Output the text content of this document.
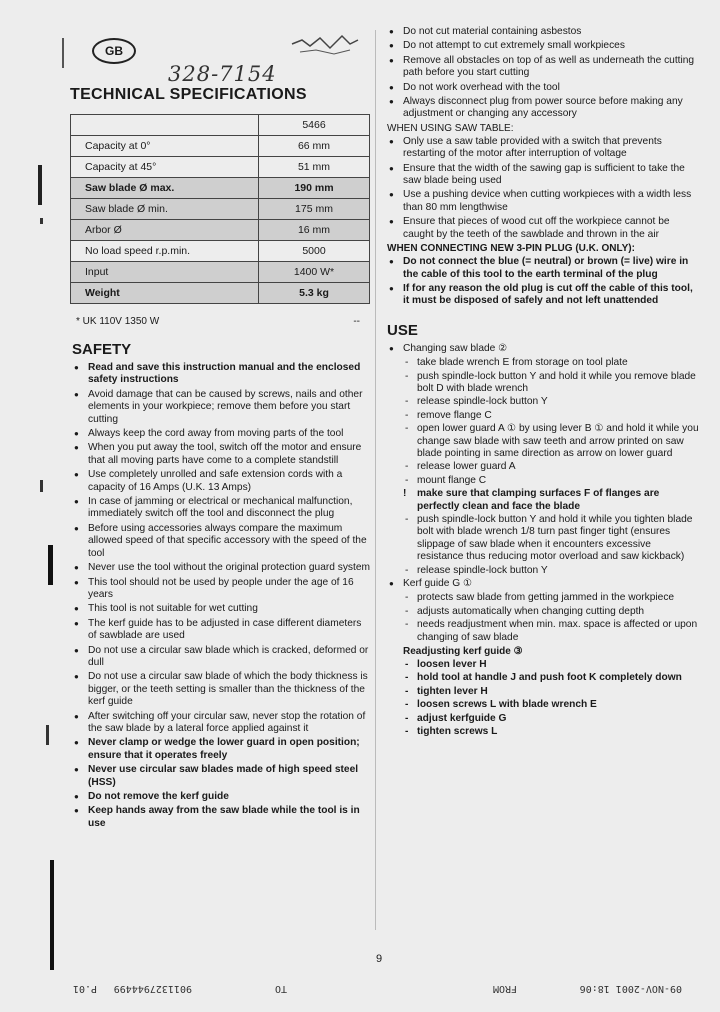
GB
328-7154
TECHNICAL SPECIFICATIONS
	5466
Capacity at 0°	66 mm
Capacity at 45°	51 mm
Saw blade Ø max.	190 mm
Saw blade Ø min.	175 mm
Arbor Ø	16 mm
No load speed r.p.min.	5000
Input	1400 W*
Weight	5.3 kg
* UK 110V 1350 W	--
SAFETY
● Read and save this instruction manual and the enclosed safety instructions
● Avoid damage that can be caused by screws, nails and other elements in your workpiece; remove them before you start cutting
● Always keep the cord away from moving parts of the tool
● When you put away the tool, switch off the motor and ensure that all moving parts have come to a complete standstill
● Use completely unrolled and safe extension cords with a capacity of 16 Amps (U.K. 13 Amps)
● In case of jamming or electrical or mechanical malfunction, immediately switch off the tool and disconnect the plug
● Before using accessories always compare the maximum allowed speed of that specific accessory with the speed of the tool
● Never use the tool without the original protection guard system
● This tool should not be used by people under the age of 16 years
● This tool is not suitable for wet cutting
● The kerf guide has to be adjusted in case different diameters of sawblade are used
● Do not use a circular saw blade which is cracked, deformed or dull
● Do not use a circular saw blade of which the body thickness is bigger, or the teeth setting is smaller than the thickness of the kerf guide
● After switching off your circular saw, never stop the rotation of the saw blade by a lateral force applied against it
● Never clamp or wedge the lower guard in open position; ensure that it operates freely
● Never use circular saw blades made of high speed steel (HSS)
● Do not remove the kerf guide
● Keep hands away from the saw blade while the tool is in use
● Do not cut material containing asbestos
● Do not attempt to cut extremely small workpieces
● Remove all obstacles on top of as well as underneath the cutting path before you start cutting
● Do not work overhead with the tool
● Always disconnect plug from power source before making any adjustment or changing any accessory
WHEN USING SAW TABLE:
● Only use a saw table provided with a switch that prevents restarting of the motor after interruption of voltage
● Ensure that the width of the sawing gap is sufficient to take the saw blade being used
● Use a pushing device when cutting workpieces with a width less than 80 mm lengthwise
● Ensure that pieces of wood cut off the workpiece cannot be caught by the teeth of the sawblade and thrown in the air
WHEN CONNECTING NEW 3-PIN PLUG (U.K. ONLY):
● Do not connect the blue (= neutral) or brown (= live) wire in the cable of this tool to the earth terminal of the plug
● If for any reason the old plug is cut off the cable of this tool, it must be disposed of safely and not left unattended
USE
● Changing saw blade ②
- take blade wrench E from storage on tool plate
- push spindle-lock button Y and hold it while you remove blade bolt D with blade wrench
- release spindle-lock button Y
- remove flange C
- open lower guard A ① by using lever B ① and hold it while you change saw blade with saw teeth and arrow printed on saw blade pointing in same direction as arrow on lower guard
- release lower guard A
- mount flange C
! make sure that clamping surfaces F of flanges are perfectly clean and face the blade
- push spindle-lock button Y and hold it while you tighten blade bolt with blade wrench 1/8 turn past finger tight (ensures slippage of saw blade when it encounters excessive resistance thus reducing motor overload and saw kickback)
- release spindle-lock button Y
● Kerf guide G ①
- protects saw blade from getting jammed in the workpiece
- adjusts automatically when changing cutting depth
- needs readjustment when min. max. space is affected or upon changing of saw blade
Readjusting kerf guide ③
- loosen lever H
- hold tool at handle J and push foot K completely down
- tighten lever H
- loosen screws L with blade wrench E
- adjust kerfguide G
- tighten screws L
9
09-NOV-2001 18:06
FROM
TO
9011327944499
P.01
